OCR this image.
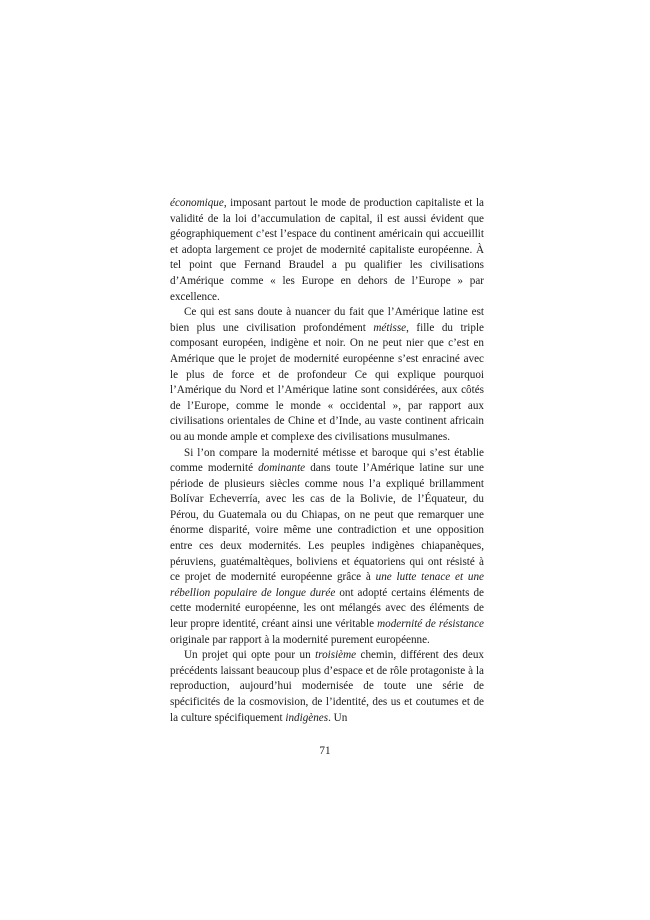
économique, imposant partout le mode de production capitaliste et la validité de la loi d’accumulation de capital, il est aussi évident que géographiquement c’est l’espace du continent américain qui accueillit et adopta largement ce projet de modernité capitaliste européenne. À tel point que Fernand Braudel a pu qualifier les civilisations d’Amérique comme « les Europe en dehors de l’Europe » par excellence.

Ce qui est sans doute à nuancer du fait que l’Amérique latine est bien plus une civilisation profondément métisse, fille du triple composant européen, indigène et noir. On ne peut nier que c’est en Amérique que le projet de modernité européenne s’est enraciné avec le plus de force et de profondeur Ce qui explique pourquoi l’Amérique du Nord et l’Amérique latine sont considérées, aux côtés de l’Europe, comme le monde « occidental », par rapport aux civilisations orientales de Chine et d’Inde, au vaste continent africain ou au monde ample et complexe des civilisations musulmanes.

Si l’on compare la modernité métisse et baroque qui s’est établie comme modernité dominante dans toute l’Amérique latine sur une période de plusieurs siècles comme nous l’a expliqué brillamment Bolívar Echeverría, avec les cas de la Bolivie, de l’Équateur, du Pérou, du Guatemala ou du Chiapas, on ne peut que remarquer une énorme disparité, voire même une contradiction et une opposition entre ces deux modernités. Les peuples indigènes chiapanèques, péruviens, guatémaltèques, boliviens et équatoriens qui ont résisté à ce projet de modernité européenne grâce à une lutte tenace et une rébellion populaire de longue durée ont adopté certains éléments de cette modernité européenne, les ont mélangés avec des éléments de leur propre identité, créant ainsi une véritable modernité de résistance originale par rapport à la modernité purement européenne.

Un projet qui opte pour un troisième chemin, différent des deux précédents laissant beaucoup plus d’espace et de rôle protagoniste à la reproduction, aujourd’hui modernisée de toute une série de spécificités de la cosmovision, de l’identité, des us et coutumes et de la culture spécifiquement indigènes. Un

71
